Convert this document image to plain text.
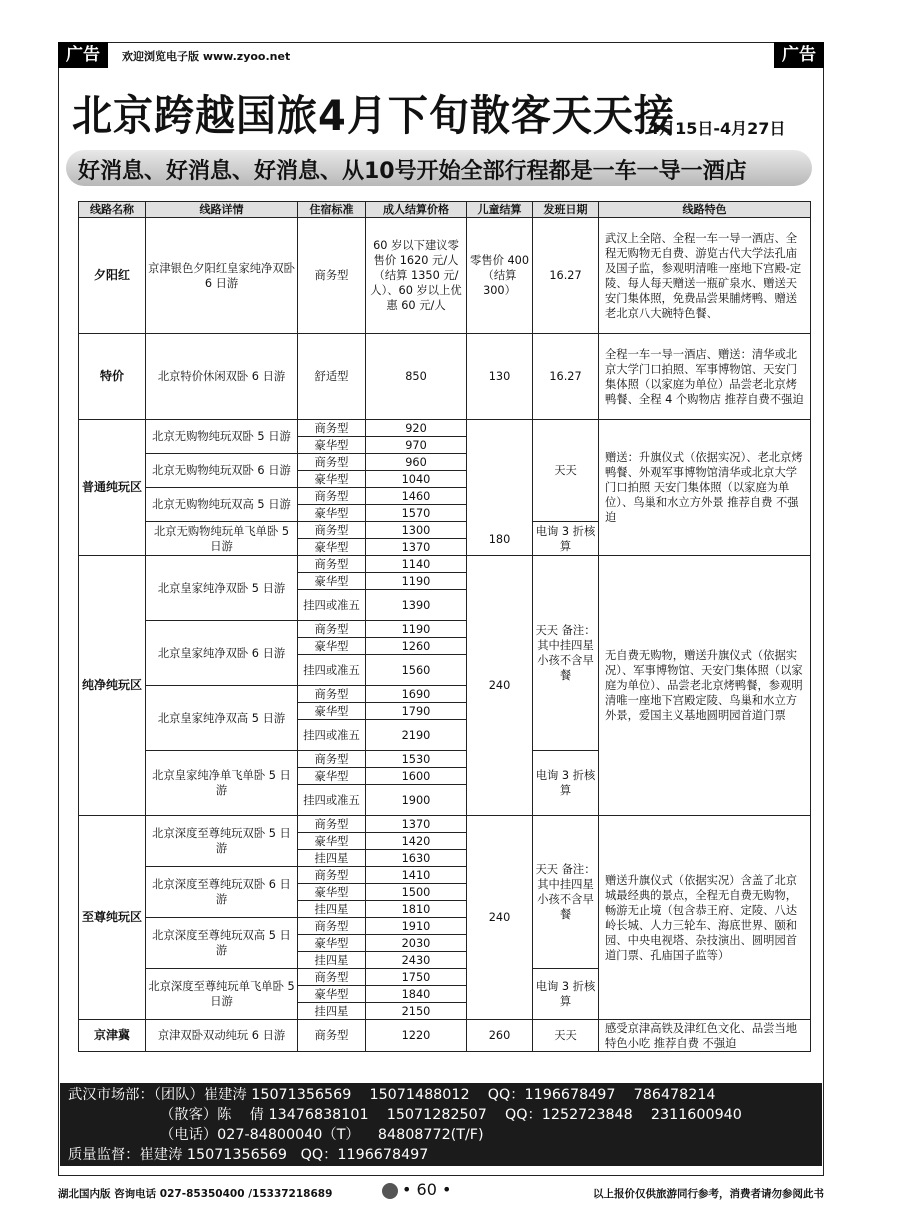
广告	欢迎浏览电子版 www.zyoo.net	广告
北京跨越国旅4月下旬散客天天接
4月15日-4月27日
好消息、好消息、好消息、从10号开始全部行程都是一车一导一酒店
线路名称	线路详情	住宿标准	成人结算价格	儿童结算	发班日期	线路特色
夕阳红	京津银色夕阳红皇家纯净双卧 6 日游	商务型	60 岁以下建议零售价 1620 元/人（结算 1350 元/人）、60 岁以上优惠 60 元/人	零售价 400（结算 300）	16.27	武汉上全陪、全程一车一导一酒店、全程无购物无自费、游览古代大学法孔庙及国子监，参观明清唯一座地下宫殿-定陵、每人每天赠送一瓶矿泉水、赠送天安门集体照，免费品尝果脯烤鸭、赠送老北京八大碗特色餐、
特价	北京特价休闲双卧 6 日游	舒适型	850	130	16.27	全程一车一导一酒店、赠送：清华或北京大学门口拍照、军事博物馆、天安门集体照（以家庭为单位）品尝老北京烤鸭餐、全程 4 个购物店 推荐自费不强迫
普通纯玩区	北京无购物纯玩双卧 5 日游	商务型	920	180	天天	赠送：升旗仪式（依据实况）、老北京烤鸭餐、外观军事博物馆清华或北京大学门口拍照 天安门集体照（以家庭为单位）、鸟巢和水立方外景 推荐自费 不强迫
		豪华型	970			
	北京无购物纯玩双卧 6 日游	商务型	960			
		豪华型	1040			
	北京无购物纯玩双高 5 日游	商务型	1460			
		豪华型	1570			
	北京无购物纯玩单飞单卧 5 日游	商务型	1300		电询 3 折核算	
		豪华型	1370			
纯净纯玩区	北京皇家纯净双卧 5 日游	商务型	1140	240	天天 备注：其中挂四星小孩不含早餐	无自费无购物，赠送升旗仪式（依据实况）、军事博物馆、天安门集体照（以家庭为单位）、品尝老北京烤鸭餐，参观明清唯一座地下宫殿定陵、鸟巢和水立方外景，爱国主义基地圆明园首道门票
		豪华型	1190			
		挂四或准五	1390			
	北京皇家纯净双卧 6 日游	商务型	1190			
		豪华型	1260			
		挂四或准五	1560			
	北京皇家纯净双高 5 日游	商务型	1690			
		豪华型	1790			
		挂四或准五	2190			
	北京皇家纯净单飞单卧 5 日游	商务型	1530		电询 3 折核算	
		豪华型	1600			
		挂四或准五	1900			
至尊纯玩区	北京深度至尊纯玩双卧 5 日游	商务型	1370	240	天天 备注：其中挂四星小孩不含早餐	赠送升旗仪式（依据实况）含盖了北京城最经典的景点，全程无自费无购物，畅游无止境（包含恭王府、定陵、八达岭长城、人力三轮车、海底世界、颐和园、中央电视塔、杂技演出、圆明园首道门票、孔庙国子监等）
		豪华型	1420			
		挂四星	1630			
	北京深度至尊纯玩双卧 6 日游	商务型	1410			
		豪华型	1500			
		挂四星	1810			
	北京深度至尊纯玩双高 5 日游	商务型	1910			
		豪华型	2030			
		挂四星	2430			
	北京深度至尊纯玩单飞单卧 5 日游	商务型	1750		电询 3 折核算	
		豪华型	1840			
		挂四星	2150			
京津冀	京津双卧双动纯玩 6 日游	商务型	1220	260	天天	感受京津高铁及津红色文化、品尝当地特色小吃 推荐自费 不强迫
武汉市场部：（团队）崔建涛 15071356569    15071488012    QQ：1196678497    786478214
（散客）陈    倩 13476838101    15071282507    QQ：1252723848    2311600940
（电话）027-84800040（T）    84808772(T/F)
质量监督：崔建涛 15071356569   QQ：1196678497
湖北国内版 咨询电话 027-85350400 /15337218689	• 60 •	以上报价仅供旅游同行参考，消费者请勿参阅此书
